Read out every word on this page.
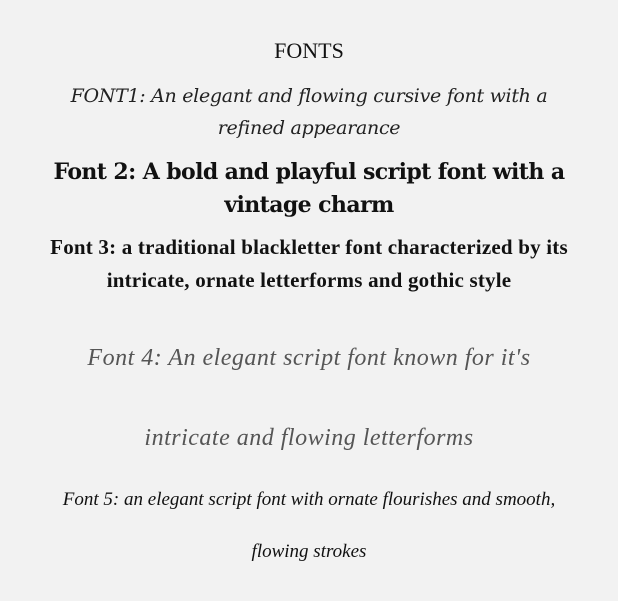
FONTS
FONT1: An elegant and flowing cursive font with a refined appearance
Font 2: A bold and playful script font with a vintage charm
Font 3: a traditional blackletter font characterized by its intricate, ornate letterforms and gothic style
Font 4: An elegant script font known for it's intricate and flowing letterforms
Font 5: an elegant script font with ornate flourishes and smooth, flowing strokes
